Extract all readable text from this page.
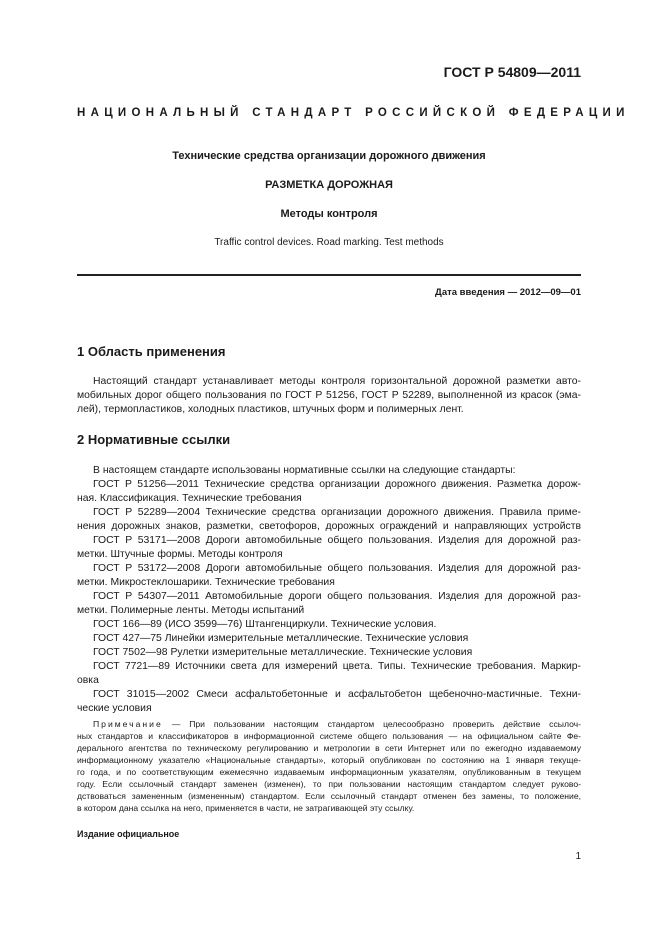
ГОСТ Р 54809—2011
НАЦИОНАЛЬНЫЙ СТАНДАРТ РОССИЙСКОЙ ФЕДЕРАЦИИ
Технические средства организации дорожного движения
РАЗМЕТКА ДОРОЖНАЯ
Методы контроля
Traffic control devices. Road marking. Test methods
Дата введения — 2012—09—01
1 Область применения
Настоящий стандарт устанавливает методы контроля горизонтальной дорожной разметки авто-
мобильных дорог общего пользования по ГОСТ Р 51256, ГОСТ Р 52289, выполненной из красок (эма-
лей), термопластиков, холодных пластиков, штучных форм и полимерных лент.
2 Нормативные ссылки
В настоящем стандарте использованы нормативные ссылки на следующие стандарты:
ГОСТ Р 51256—2011 Технические средства организации дорожного движения. Разметка дорож-
ная. Классификация. Технические требования
ГОСТ Р 52289—2004 Технические средства организации дорожного движения. Правила приме-
нения дорожных знаков, разметки, светофоров, дорожных ограждений и направляющих устройств
ГОСТ Р 53171—2008 Дороги автомобильные общего пользования. Изделия для дорожной раз-
метки. Штучные формы. Методы контроля
ГОСТ Р 53172—2008 Дороги автомобильные общего пользования. Изделия для дорожной раз-
метки. Микростеклошарики. Технические требования
ГОСТ Р 54307—2011 Автомобильные дороги общего пользования. Изделия для дорожной раз-
метки. Полимерные ленты. Методы испытаний
ГОСТ 166—89 (ИСО 3599—76) Штангенциркули. Технические условия.
ГОСТ 427—75 Линейки измерительные металлические. Технические условия
ГОСТ 7502—98 Рулетки измерительные металлические. Технические условия
ГОСТ 7721—89 Источники света для измерений цвета. Типы. Технические требования. Маркир-
овка
ГОСТ 31015—2002 Смеси асфальтобетонные и асфальтобетон щебеночно-мастичные. Техни-
ческие условия
Примечание — При пользовании настоящим стандартом целесообразно проверить действие ссылоч-
ных стандартов и классификаторов в информационной системе общего пользования — на официальном сайте Фе-
дерального агентства по техническому регулированию и метрологии в сети Интернет или по ежегодно издаваемому
информационному указателю «Национальные стандарты», который опубликован по состоянию на 1 января текуще-
го года, и по соответствующим ежемесячно издаваемым информационным указателям, опубликованным в текущем
году. Если ссылочный стандарт заменен (изменен), то при пользовании настоящим стандартом следует руково-
дствоваться замененным (измененным) стандартом. Если ссылочный стандарт отменен без замены, то положение,
в котором дана ссылка на него, применяется в части, не затрагивающей эту ссылку.
Издание официальное
1
